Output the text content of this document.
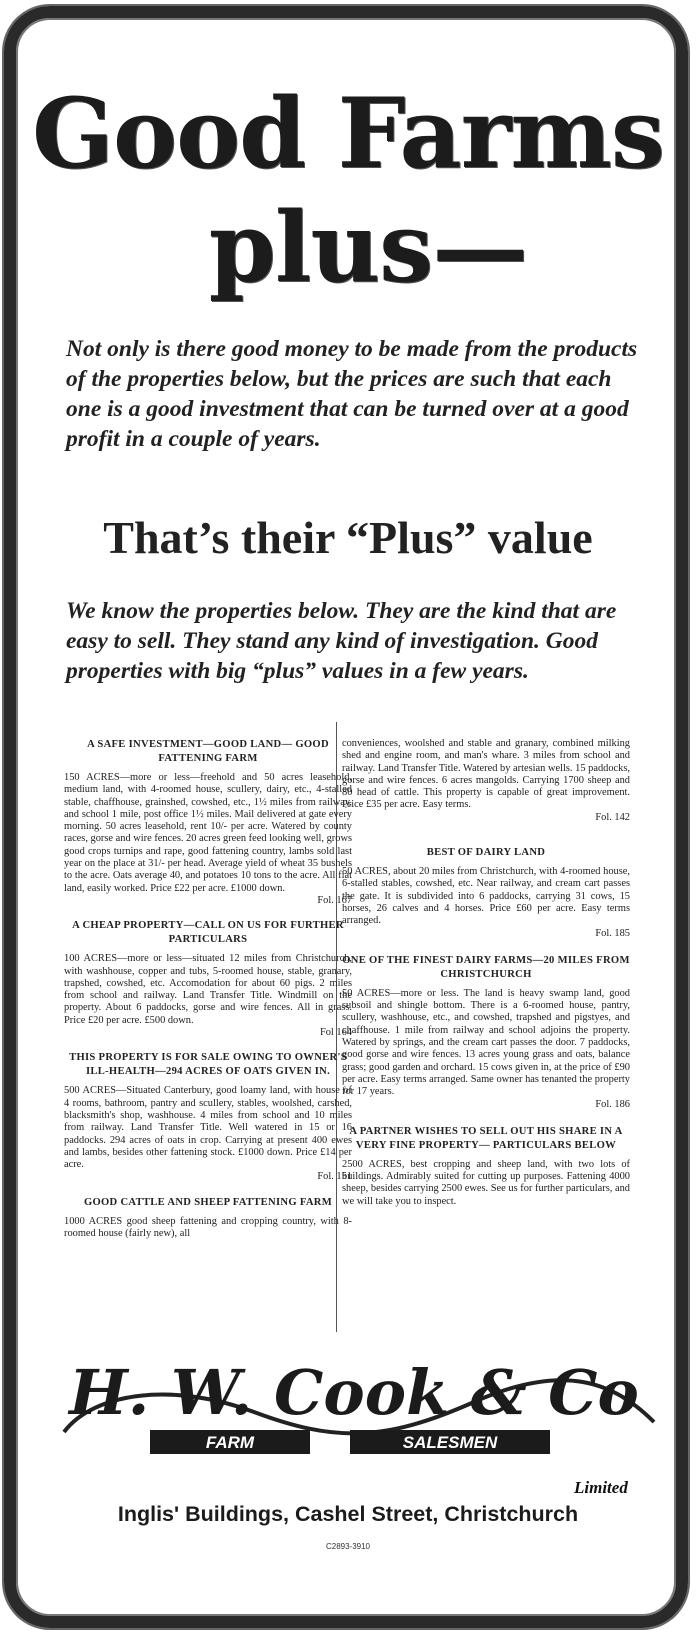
Good Farms
plus—
Not only is there good money to be made from the products of the properties below, but the prices are such that each one is a good investment that can be turned over at a good profit in a couple of years.
That’s their “Plus” value
We know the properties below. They are the kind that are easy to sell. They stand any kind of investigation. Good properties with big “plus” values in a few years.

A SAFE INVESTMENT—GOOD LAND— GOOD FATTENING FARM

150 ACRES—more or less—freehold and 50 acres leasehold, medium land, with 4-roomed house, scullery, dairy, etc., 4-stalled stable, chaffhouse, grainshed, cowshed, etc., 1½ miles from railway, and school 1 mile, post office 1½ miles. Mail delivered at gate every morning. 50 acres leasehold, rent 10/- per acre. Watered by county races, gorse and wire fences. 20 acres green feed looking well, grows good crops turnips and rape, good fattening country, lambs sold last year on the place at 31/- per head. Average yield of wheat 35 bushels to the acre. Oats average 40, and potatoes 10 tons to the acre. All flat land, easily worked. Price £22 per acre. £1000 down.

Fol. 167

A CHEAP PROPERTY—CALL ON US FOR FURTHER PARTICULARS

100 ACRES—more or less—situated 12 miles from Christchurch, with washhouse, copper and tubs, 5-roomed house, stable, granary, trapshed, cowshed, etc. Accomodation for about 60 pigs. 2 miles from school and railway. Land Transfer Title. Windmill on the property. About 6 paddocks, gorse and wire fences. All in grass. Price £20 per acre. £500 down.

Fol 164

THIS PROPERTY IS FOR SALE OWING TO OWNER'S ILL-HEALTH—294 ACRES OF OATS GIVEN IN.

500 ACRES—Situated Canterbury, good loamy land, with house of 4 rooms, bathroom, pantry and scullery, stables, woolshed, carshed, blacksmith's shop, washhouse. 4 miles from school and 10 miles from railway. Land Transfer Title. Well watered in 15 or 16 paddocks. 294 acres of oats in crop. Carrying at present 400 ewes and lambs, besides other fattening stock. £1000 down. Price £14 per acre.

Fol. 151

GOOD CATTLE AND SHEEP FATTENING FARM

1000 ACRES good sheep fattening and cropping country, with 8-roomed house (fairly new), all

conveniences, woolshed and stable and granary, combined milking shed and engine room, and man's whare. 3 miles from school and railway. Land Transfer Title. Watered by artesian wells. 15 paddocks, gorse and wire fences. 6 acres mangolds. Carrying 1700 sheep and 80 head of cattle. This property is capable of great improvement. Price £35 per acre. Easy terms.

Fol. 142

BEST OF DAIRY LAND

50 ACRES, about 20 miles from Christchurch, with 4-roomed house, 6-stalled stables, cowshed, etc. Near railway, and cream cart passes the gate. It is subdivided into 6 paddocks, carrying 31 cows, 15 horses, 26 calves and 4 horses. Price £60 per acre. Easy terms arranged.

Fol. 185

ONE OF THE FINEST DAIRY FARMS—20 MILES FROM CHRISTCHURCH

50 ACRES—more or less. The land is heavy swamp land, good subsoil and shingle bottom. There is a 6-roomed house, pantry, scullery, washhouse, etc., and cowshed, trapshed and pigstyes, and chaffhouse. 1 mile from railway and school adjoins the property. Watered by springs, and the cream cart passes the door. 7 paddocks, good gorse and wire fences. 13 acres young grass and oats, balance grass; good garden and orchard. 15 cows given in, at the price of £90 per acre. Easy terms arranged. Same owner has tenanted the property for 17 years.

Fol. 186

A PARTNER WISHES TO SELL OUT HIS SHARE IN A VERY FINE PROPERTY— PARTICULARS BELOW

2500 ACRES, best cropping and sheep land, with two lots of buildings. Admirably suited for cutting up purposes. Fattening 4000 sheep, besides carrying 2500 ewes. See us for further particulars, and we will take you to inspect.

H. W. Cook & Co
FARM	SALESMEN
Limited
Inglis' Buildings, Cashel Street, Christchurch
C2893-3910
